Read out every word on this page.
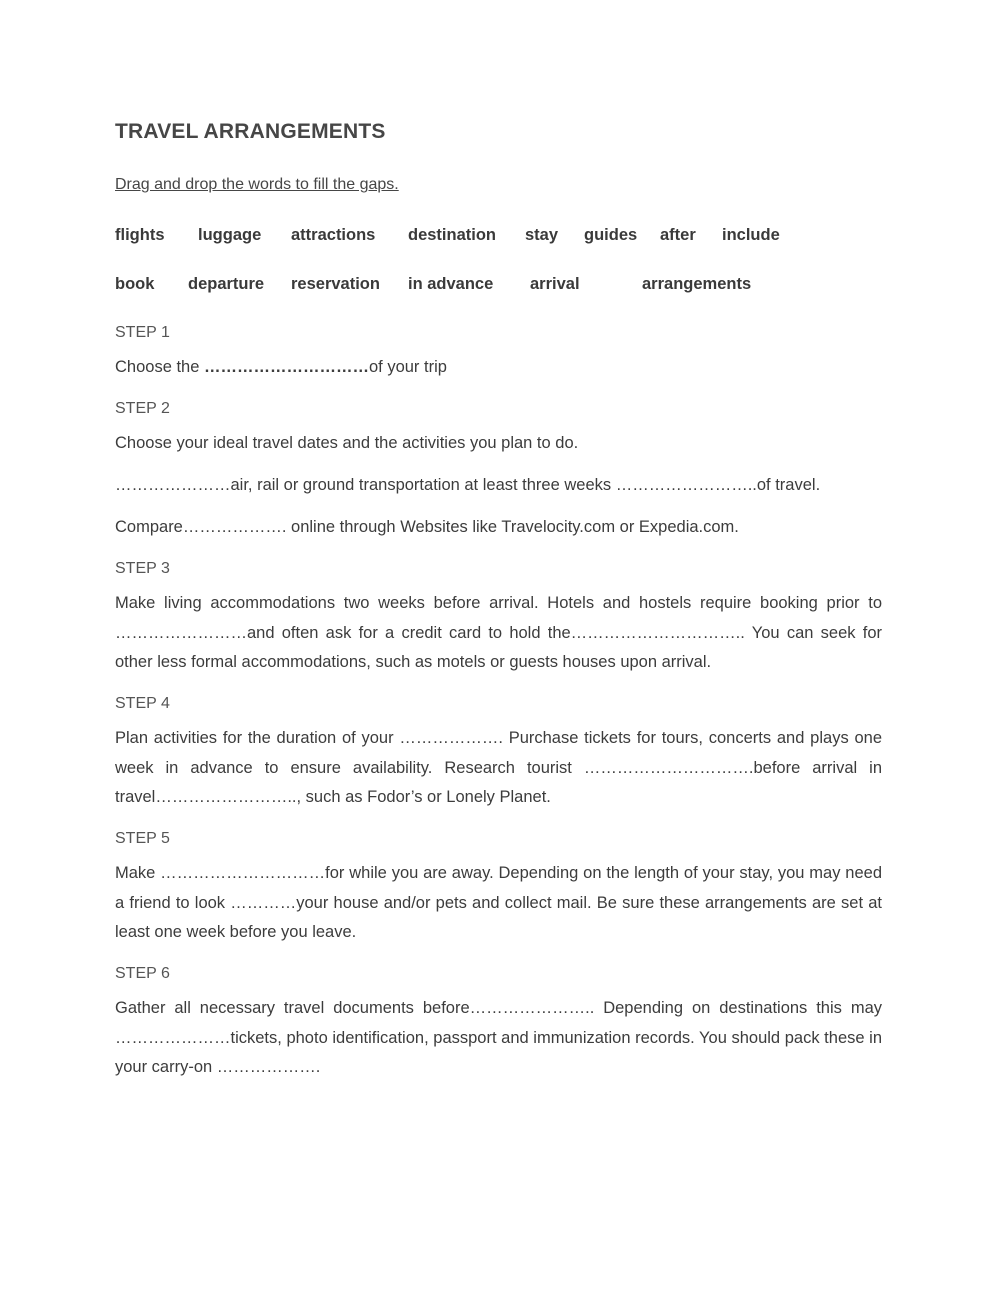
TRAVEL ARRANGEMENTS

Drag and drop the words to fill the gaps.

flights luggage attractions destination stay guides after include
book departure reservation in advance arrival	arrangements

STEP 1

Choose the …………………………of your trip

STEP 2

Choose your ideal travel dates and the activities you plan to do.

…………………air, rail or ground transportation at least three weeks ……………………..of travel.

Compare………………. online through Websites like Travelocity.com or Expedia.com.

STEP 3

Make living accommodations two weeks before arrival. Hotels and hostels require booking prior to ……………………and often ask for a credit card to hold the………………………….. You can seek for other less formal accommodations, such as motels or guests houses upon arrival.

STEP 4

Plan activities for the duration of your ………………. Purchase tickets for tours, concerts and plays one week in advance to ensure availability. Research tourist ………………………….before arrival in travel…………………….., such as Fodor’s or Lonely Planet.

STEP 5

Make …………………………for while you are away. Depending on the length of your stay, you may need a friend to look …………your house and/or pets and collect mail. Be sure these arrangements are set at least one week before you leave.

STEP 6

Gather all necessary travel documents before………………….. Depending on destinations this may …………………tickets, photo identification, passport and immunization records. You should pack these in your carry-on ……………….
